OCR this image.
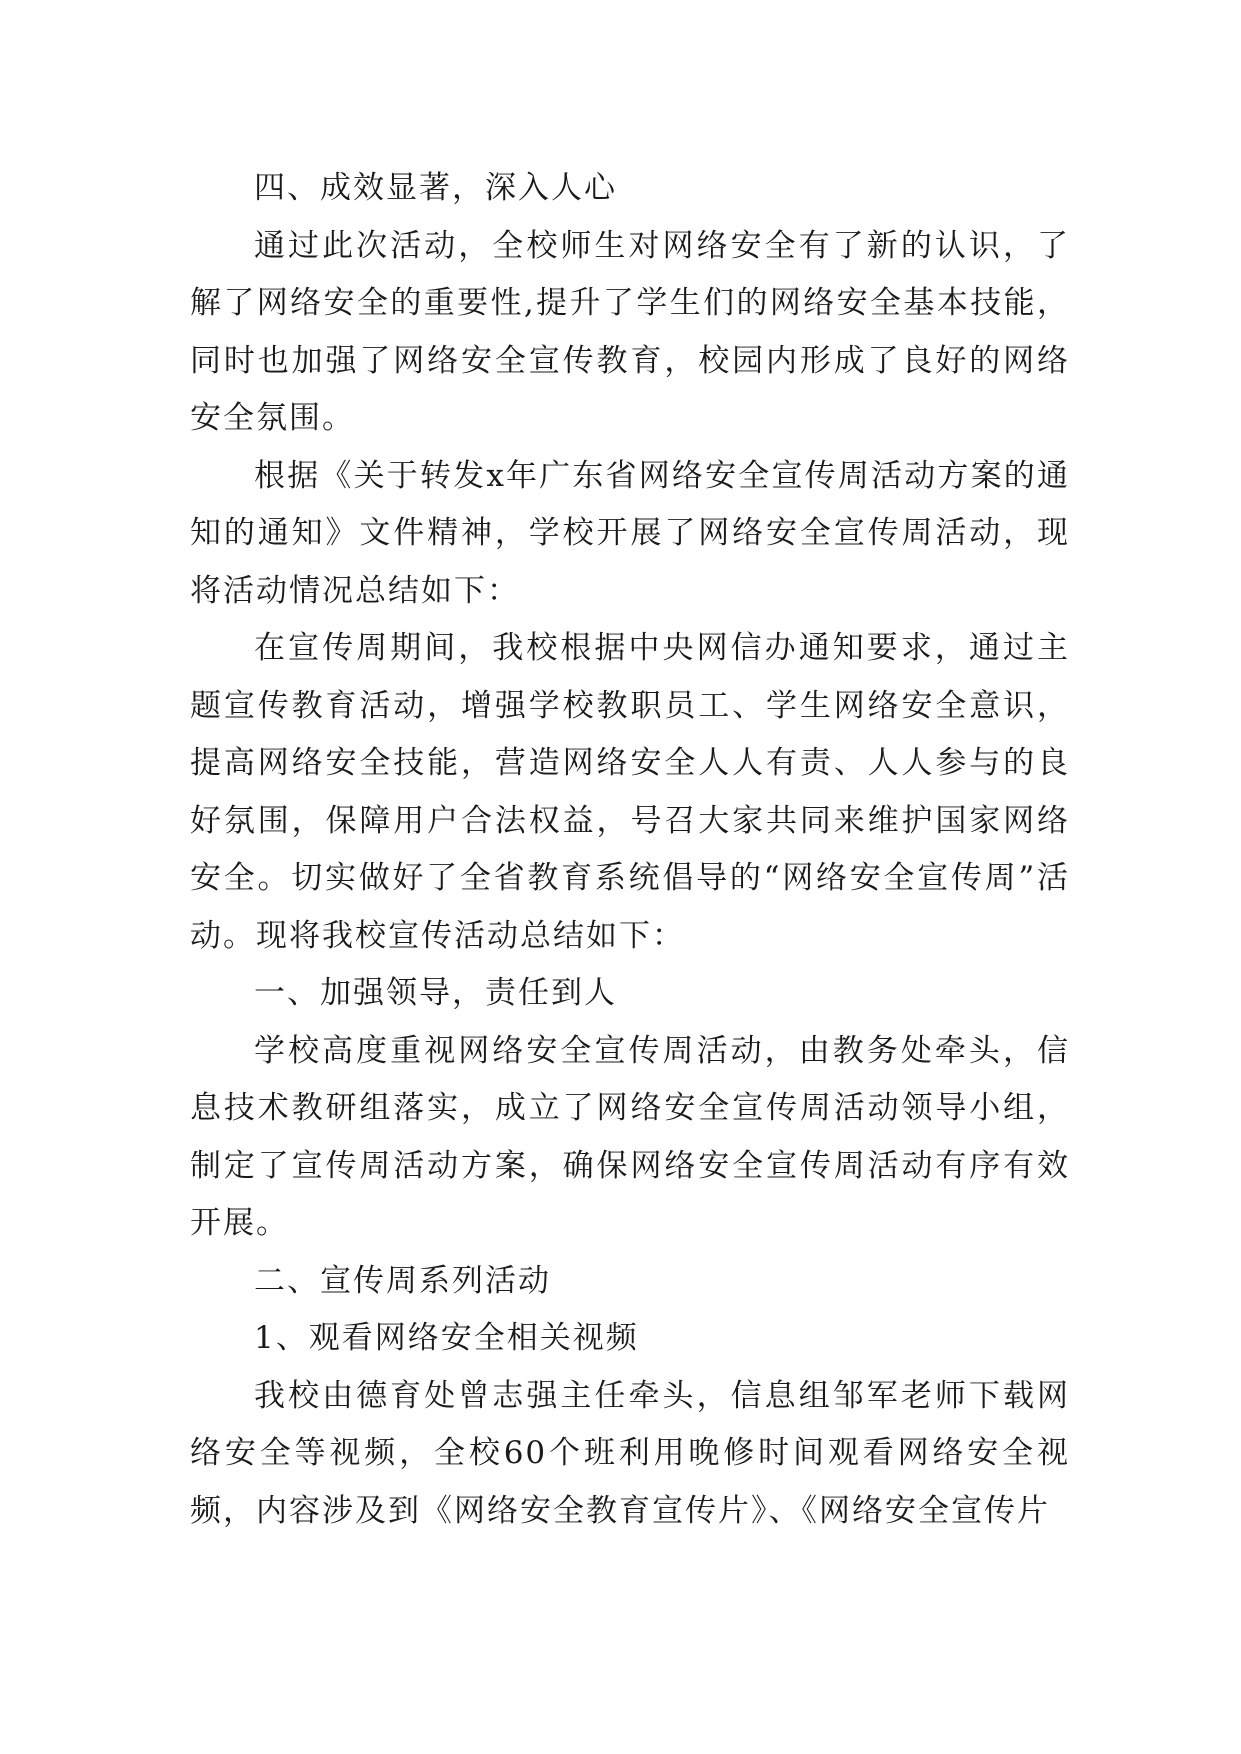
四、成效显著，深入人心

通过此次活动，全校师生对网络安全有了新的认识，了解了网络安全的重要性,提升了学生们的网络安全基本技能，同时也加强了网络安全宣传教育，校园内形成了良好的网络安全氛围。

根据《关于转发x年广东省网络安全宣传周活动方案的通知的通知》文件精神，学校开展了网络安全宣传周活动，现将活动情况总结如下：

在宣传周期间，我校根据中央网信办通知要求，通过主题宣传教育活动，增强学校教职员工、学生网络安全意识，提高网络安全技能，营造网络安全人人有责、人人参与的良好氛围，保障用户合法权益，号召大家共同来维护国家网络安全。切实做好了全省教育系统倡导的“网络安全宣传周”活动。现将我校宣传活动总结如下：

一、加强领导，责任到人

学校高度重视网络安全宣传周活动，由教务处牵头，信息技术教研组落实，成立了网络安全宣传周活动领导小组，制定了宣传周活动方案，确保网络安全宣传周活动有序有效开展。

二、宣传周系列活动

1、观看网络安全相关视频

我校由德育处曾志强主任牵头，信息组邹军老师下载网络安全等视频，全校60个班利用晚修时间观看网络安全视频，内容涉及到《网络安全教育宣传片》、《网络安全宣传片
